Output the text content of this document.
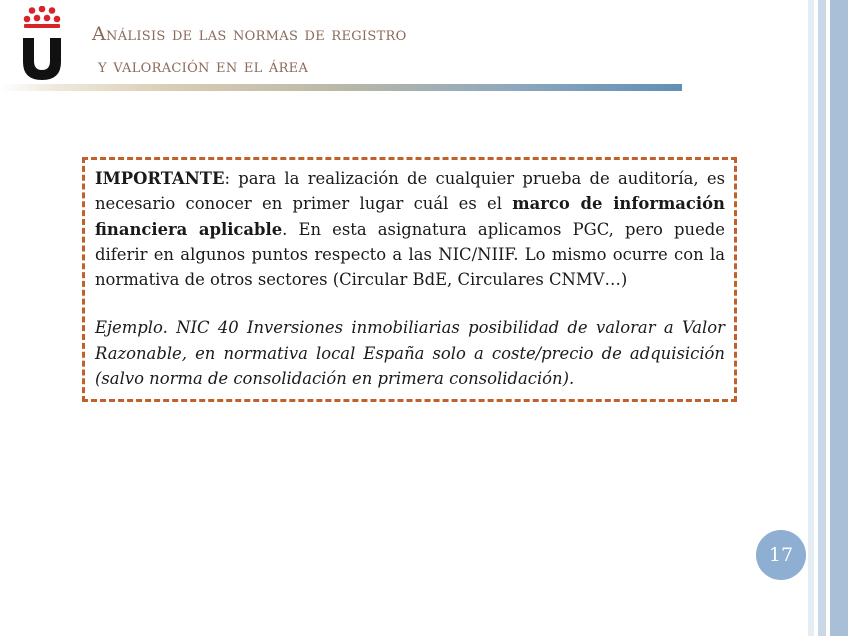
Análisis de las normas de registro
y valoración en el área

IMPORTANTE: para la realización de cualquier prueba de auditoría, es necesario conocer en primer lugar cuál es el marco de información financiera aplicable. En esta asignatura aplicamos PGC, pero puede diferir en algunos puntos respecto a las NIC/NIIF. Lo mismo ocurre con la normativa de otros sectores (Circular BdE, Circulares CNMV…)

Ejemplo. NIC 40 Inversiones inmobiliarias posibilidad de valorar a Valor Razonable, en normativa local España solo a coste/precio de adquisición (salvo norma de consolidación en primera consolidación).

17
